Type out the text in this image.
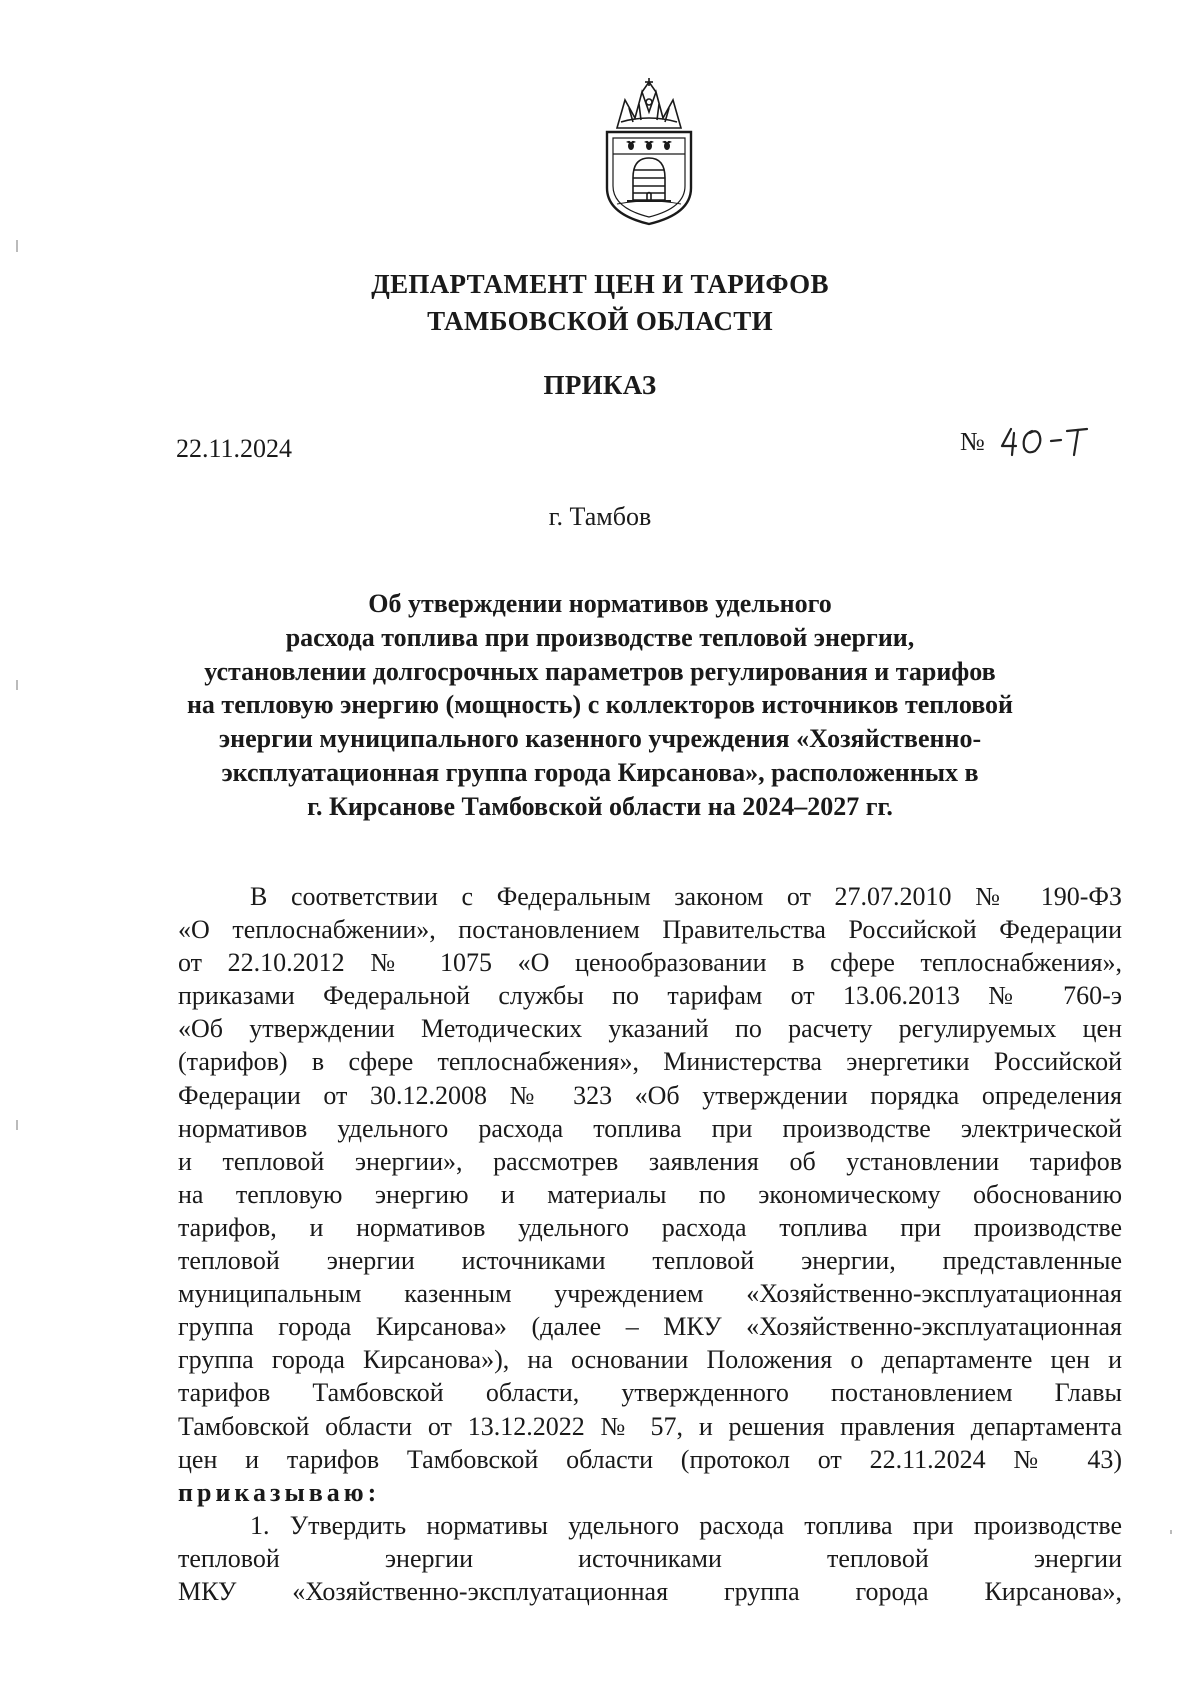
ДЕПАРТАМЕНТ ЦЕН И ТАРИФОВ
ТАМБОВСКОЙ ОБЛАСТИ
ПРИКАЗ
22.11.2024	№
г. Тамбов
Об утверждении нормативов удельного
расхода топлива при производстве тепловой энергии,
установлении долгосрочных параметров регулирования и тарифов
на тепловую энергию (мощность) с коллекторов источников тепловой
энергии муниципального казенного учреждения «Хозяйственно-
эксплуатационная группа города Кирсанова», расположенных в
г. Кирсанове Тамбовской области на 2024–2027 гг.
В соответствии с Федеральным законом от 27.07.2010 № 190-ФЗ
«О теплоснабжении», постановлением Правительства Российской Федерации
от 22.10.2012 № 1075 «О ценообразовании в сфере теплоснабжения»,
приказами Федеральной службы по тарифам от 13.06.2013 № 760-э
«Об утверждении Методических указаний по расчету регулируемых цен
(тарифов) в сфере теплоснабжения», Министерства энергетики Российской
Федерации от 30.12.2008 № 323 «Об утверждении порядка определения
нормативов удельного расхода топлива при производстве электрической
и тепловой энергии», рассмотрев заявления об установлении тарифов
на тепловую энергию и материалы по экономическому обоснованию
тарифов, и нормативов удельного расхода топлива при производстве
тепловой энергии источниками тепловой энергии, представленные
муниципальным казенным учреждением «Хозяйственно-эксплуатационная
группа города Кирсанова» (далее – МКУ «Хозяйственно-эксплуатационная
группа города Кирсанова»), на основании Положения о департаменте цен и
тарифов Тамбовской области, утвержденного постановлением Главы
Тамбовской области от 13.12.2022 № 57, и решения правления департамента
цен и тарифов Тамбовской области (протокол от 22.11.2024 № 43)
приказываю:
1. Утвердить нормативы удельного расхода топлива при производстве
тепловой энергии источниками тепловой энергии
МКУ «Хозяйственно-эксплуатационная группа города Кирсанова»,
